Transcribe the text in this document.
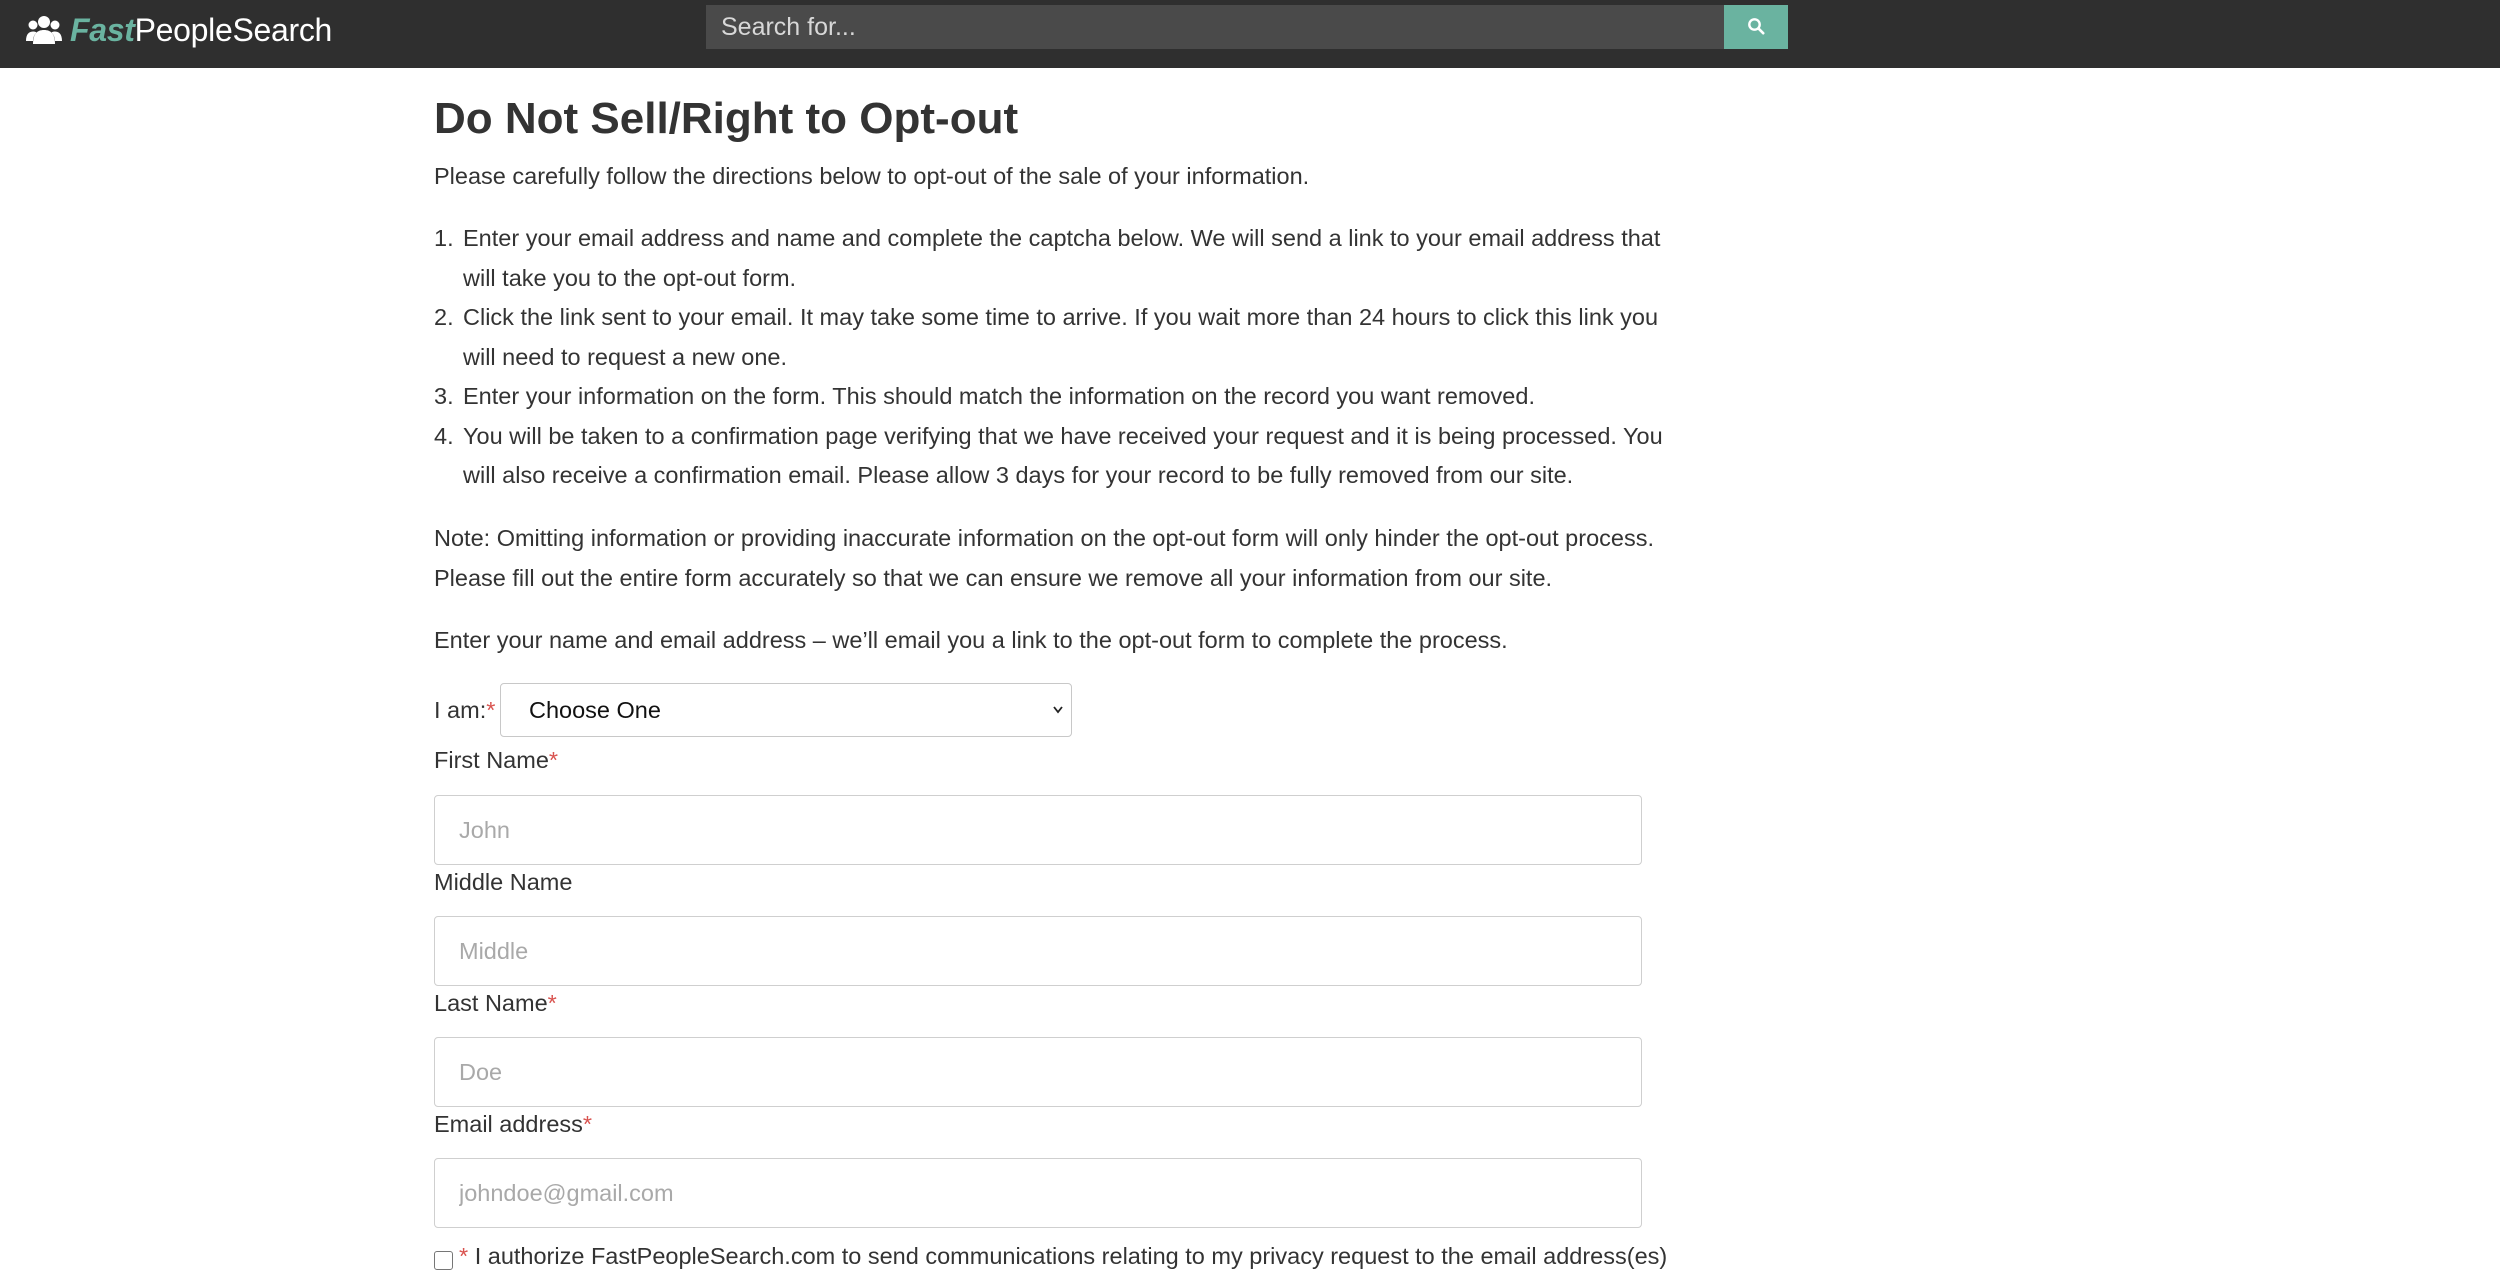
FastPeopleSearch
Search for...
Do Not Sell/Right to Opt-out
Please carefully follow the directions below to opt-out of the sale of your information.
1. Enter your email address and name and complete the captcha below. We will send a link to your email address that
will take you to the opt-out form.
2. Click the link sent to your email. It may take some time to arrive. If you wait more than 24 hours to click this link you
will need to request a new one.
3. Enter your information on the form. This should match the information on the record you want removed.
4. You will be taken to a confirmation page verifying that we have received your request and it is being processed. You
will also receive a confirmation email. Please allow 3 days for your record to be fully removed from our site.
Note: Omitting information or providing inaccurate information on the opt-out form will only hinder the opt-out process.
Please fill out the entire form accurately so that we can ensure we remove all your information from our site.
Enter your name and email address – we’ll email you a link to the opt-out form to complete the process.
I am:* Choose One
First Name*
John
Middle Name
Middle
Last Name*
Doe
Email address*
johndoe@gmail.com
* I authorize FastPeopleSearch.com to send communications relating to my privacy request to the email address(es)
